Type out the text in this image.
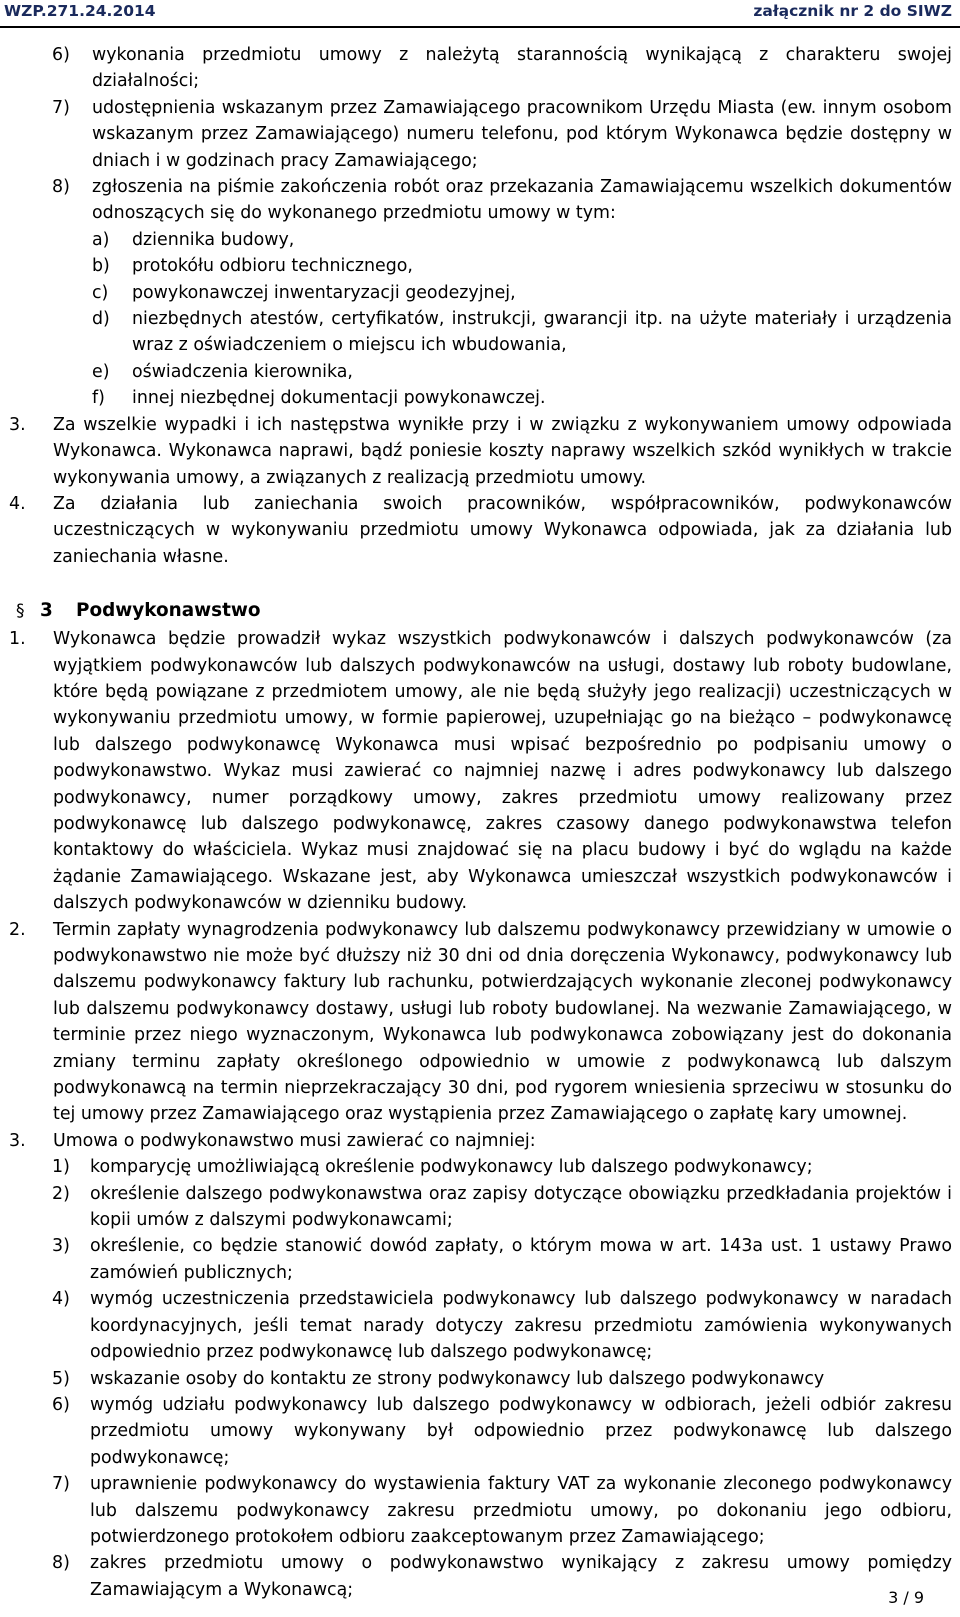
WZP.271.24.2014	załącznik nr 2 do SIWZ
6) wykonania przedmiotu umowy z należytą starannością wynikającą z charakteru swojej działalności;
7) udostępnienia wskazanym przez Zamawiającego pracownikom Urzędu Miasta (ew. innym osobom wskazanym przez Zamawiającego) numeru telefonu, pod którym Wykonawca będzie dostępny w dniach i w godzinach pracy Zamawiającego;
8) zgłoszenia na piśmie zakończenia robót oraz przekazania Zamawiającemu wszelkich dokumentów odnoszących się do wykonanego przedmiotu umowy w tym:
a) dziennika budowy,
b) protokółu odbioru technicznego,
c) powykonawczej inwentaryzacji geodezyjnej,
d) niezbędnych atestów, certyfikatów, instrukcji, gwarancji itp. na użyte materiały i urządzenia wraz z oświadczeniem o miejscu ich wbudowania,
e) oświadczenia kierownika,
f) innej niezbędnej dokumentacji powykonawczej.
3. Za wszelkie wypadki i ich następstwa wynikłe przy i w związku z wykonywaniem umowy odpowiada Wykonawca. Wykonawca naprawi, bądź poniesie koszty naprawy wszelkich szkód wynikłych w trakcie wykonywania umowy, a związanych z realizacją przedmiotu umowy.
4. Za działania lub zaniechania swoich pracowników, współpracowników, podwykonawców uczestniczących w wykonywaniu przedmiotu umowy Wykonawca odpowiada, jak za działania lub zaniechania własne.
§ 3 Podwykonawstwo
1. Wykonawca będzie prowadził wykaz wszystkich podwykonawców i dalszych podwykonawców (za wyjątkiem podwykonawców lub dalszych podwykonawców na usługi, dostawy lub roboty budowlane, które będą powiązane z przedmiotem umowy, ale nie będą służyły jego realizacji) uczestniczących w wykonywaniu przedmiotu umowy, w formie papierowej, uzupełniając go na bieżąco – podwykonawcę lub dalszego podwykonawcę Wykonawca musi wpisać bezpośrednio po podpisaniu umowy o podwykonawstwo. Wykaz musi zawierać co najmniej nazwę i adres podwykonawcy lub dalszego podwykonawcy, numer porządkowy umowy, zakres przedmiotu umowy realizowany przez podwykonawcę lub dalszego podwykonawcę, zakres czasowy danego podwykonawstwa telefon kontaktowy do właściciela. Wykaz musi znajdować się na placu budowy i być do wglądu na każde żądanie Zamawiającego. Wskazane jest, aby Wykonawca umieszczał wszystkich podwykonawców i dalszych podwykonawców w dzienniku budowy.
2. Termin zapłaty wynagrodzenia podwykonawcy lub dalszemu podwykonawcy przewidziany w umowie o podwykonawstwo nie może być dłuższy niż 30 dni od dnia doręczenia Wykonawcy, podwykonawcy lub dalszemu podwykonawcy faktury lub rachunku, potwierdzających wykonanie zleconej podwykonawcy lub dalszemu podwykonawcy dostawy, usługi lub roboty budowlanej. Na wezwanie Zamawiającego, w terminie przez niego wyznaczonym, Wykonawca lub podwykonawca zobowiązany jest do dokonania zmiany terminu zapłaty określonego odpowiednio w umowie z podwykonawcą lub dalszym podwykonawcą na termin nieprzekraczający 30 dni, pod rygorem wniesienia sprzeciwu w stosunku do tej umowy przez Zamawiającego oraz wystąpienia przez Zamawiającego o zapłatę kary umownej.
3. Umowa o podwykonawstwo musi zawierać co najmniej:
1) komparycję umożliwiającą określenie podwykonawcy lub dalszego podwykonawcy;
2) określenie dalszego podwykonawstwa oraz zapisy dotyczące obowiązku przedkładania projektów i kopii umów z dalszymi podwykonawcami;
3) określenie, co będzie stanowić dowód zapłaty, o którym mowa w art. 143a ust. 1 ustawy Prawo zamówień publicznych;
4) wymóg uczestniczenia przedstawiciela podwykonawcy lub dalszego podwykonawcy w naradach koordynacyjnych, jeśli temat narady dotyczy zakresu przedmiotu zamówienia wykonywanych odpowiednio przez podwykonawcę lub dalszego podwykonawcę;
5) wskazanie osoby do kontaktu ze strony podwykonawcy lub dalszego podwykonawcy
6) wymóg udziału podwykonawcy lub dalszego podwykonawcy w odbiorach, jeżeli odbiór zakresu przedmiotu umowy wykonywany był odpowiednio przez podwykonawcę lub dalszego podwykonawcę;
7) uprawnienie podwykonawcy do wystawienia faktury VAT za wykonanie zleconego podwykonawcy lub dalszemu podwykonawcy zakresu przedmiotu umowy, po dokonaniu jego odbioru, potwierdzonego protokołem odbioru zaakceptowanym przez Zamawiającego;
8) zakres przedmiotu umowy o podwykonawstwo wynikający z zakresu umowy pomiędzy Zamawiającym a Wykonawcą;	3 / 9
